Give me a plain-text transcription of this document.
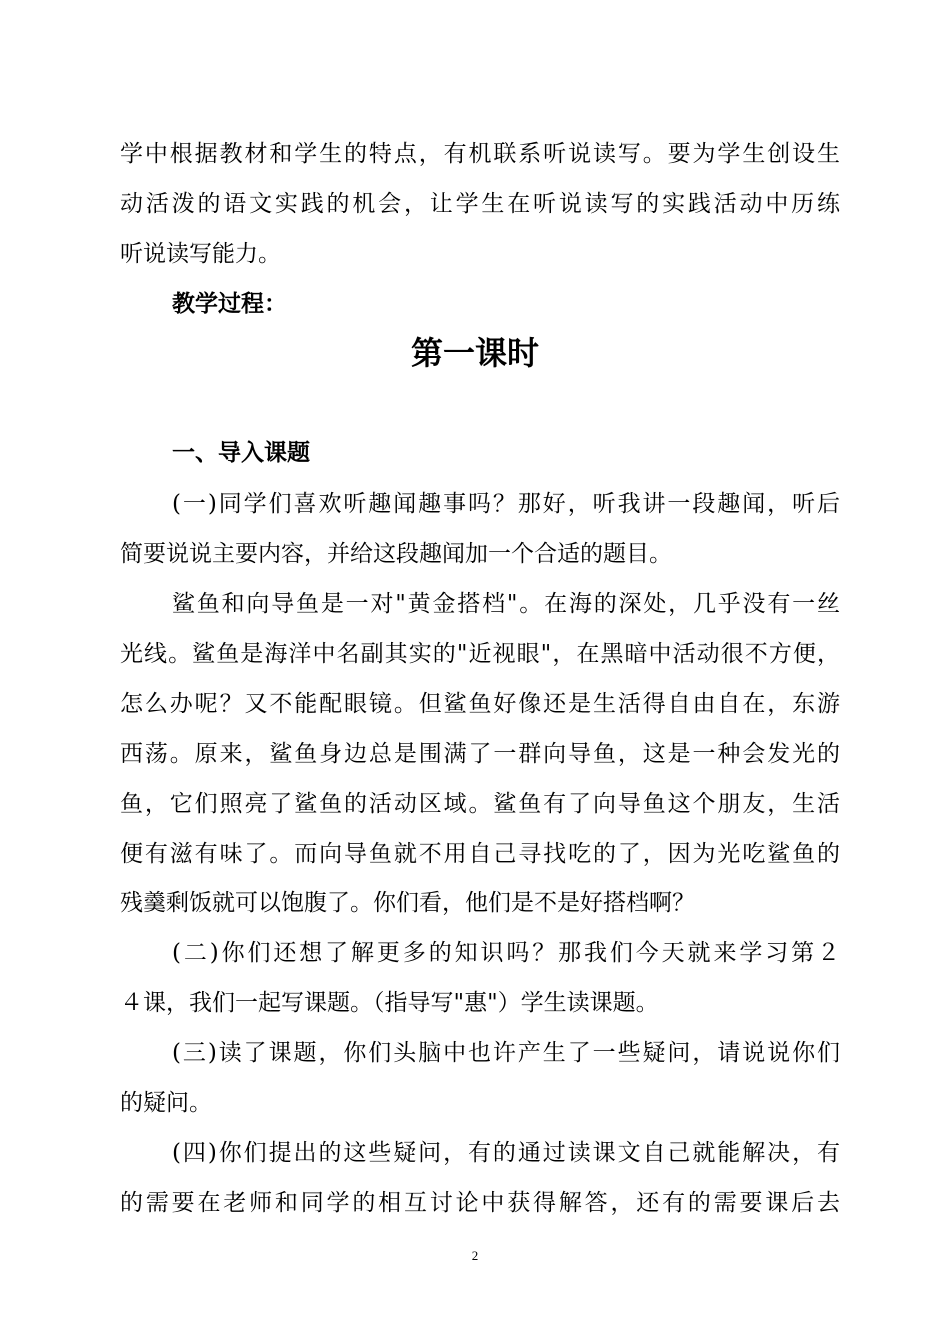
学中根据教材和学生的特点，有机联系听说读写。要为学生创设生
动活泼的语文实践的机会，让学生在听说读写的实践活动中历练
听说读写能力。
教学过程：
第一课时
一、导入课题
(一)同学们喜欢听趣闻趣事吗？那好，听我讲一段趣闻，听后
简要说说主要内容，并给这段趣闻加一个合适的题目。
鲨鱼和向导鱼是一对"黄金搭档"。在海的深处，几乎没有一丝
光线。鲨鱼是海洋中名副其实的"近视眼"，在黑暗中活动很不方便，
怎么办呢？又不能配眼镜。但鲨鱼好像还是生活得自由自在，东游
西荡。原来，鲨鱼身边总是围满了一群向导鱼，这是一种会发光的
鱼，它们照亮了鲨鱼的活动区域。鲨鱼有了向导鱼这个朋友，生活
便有滋有味了。而向导鱼就不用自己寻找吃的了，因为光吃鲨鱼的
残羹剩饭就可以饱腹了。你们看，他们是不是好搭档啊？
(二)你们还想了解更多的知识吗？那我们今天就来学习第２
４课，我们一起写课题。（指导写"惠"）学生读课题。
(三)读了课题，你们头脑中也许产生了一些疑问，请说说你们
的疑问。
(四)你们提出的这些疑问，有的通过读课文自己就能解决，有
的需要在老师和同学的相互讨论中获得解答，还有的需要课后去
2
